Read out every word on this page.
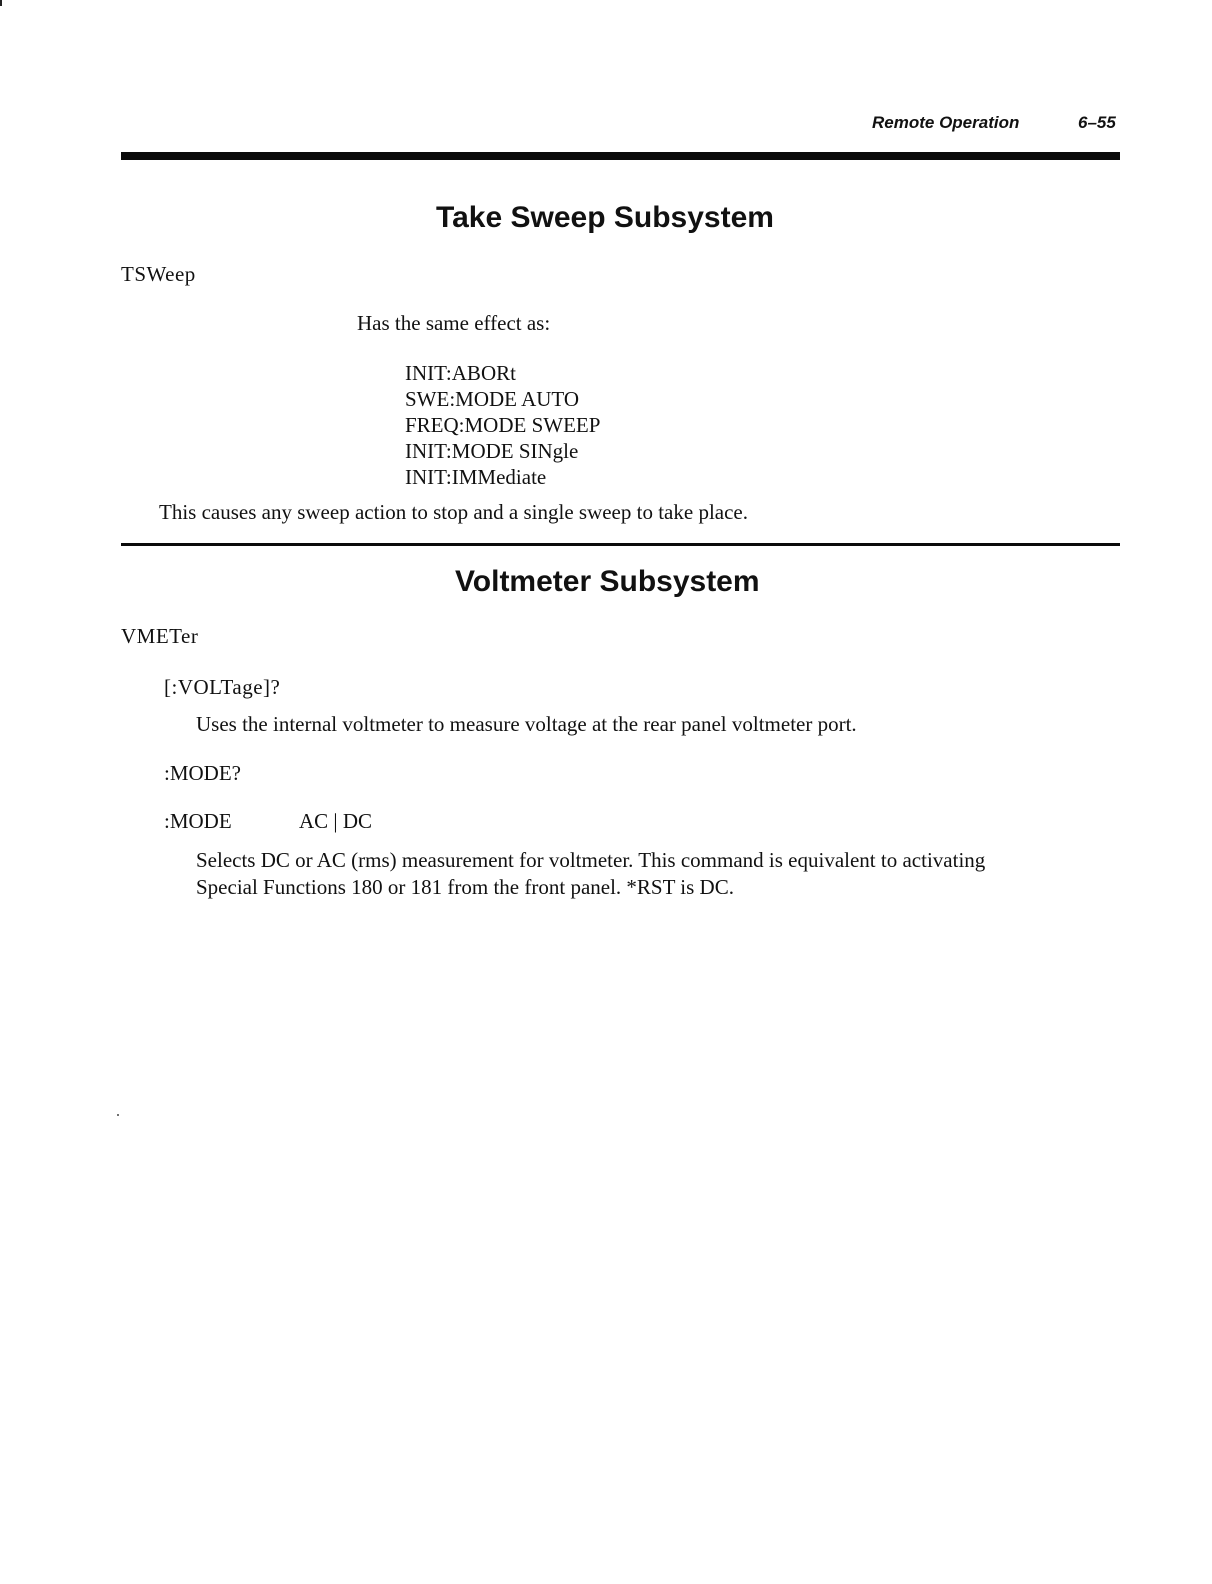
Remote Operation	6–55
Take Sweep Subsystem
TSWeep
Has the same effect as:
INIT:ABORt
SWE:MODE AUTO
FREQ:MODE SWEEP
INIT:MODE SINgle
INIT:IMMediate
This causes any sweep action to stop and a single sweep to take place.
Voltmeter Subsystem
VMETer
[:VOLTage]?
Uses the internal voltmeter to measure voltage at the rear panel voltmeter port.
:MODE?
:MODE	AC | DC
Selects DC or AC (rms) measurement for voltmeter. This command is equivalent to activating
Special Functions 180 or 181 from the front panel. *RST is DC.
